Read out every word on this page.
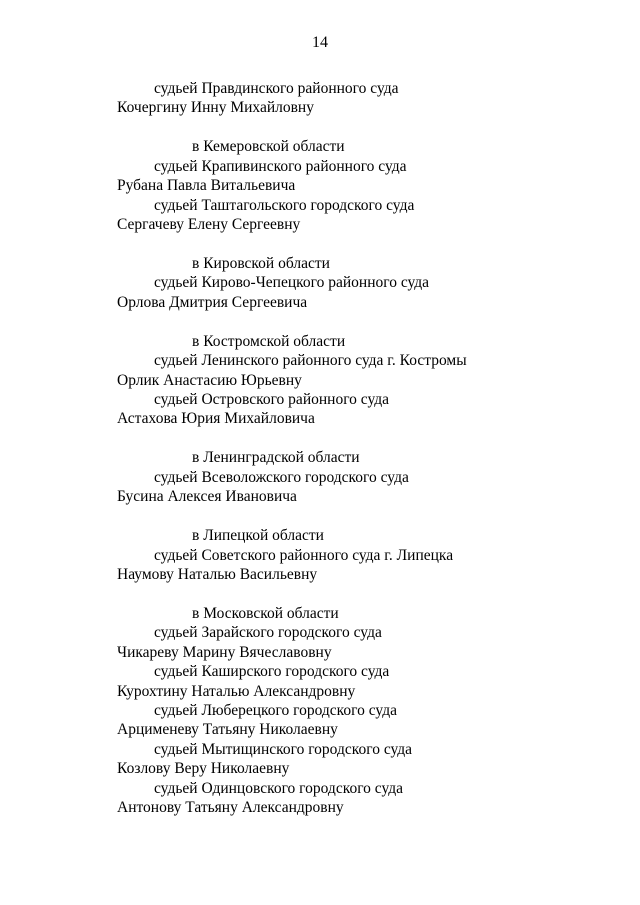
14
судьей Правдинского районного суда
Кочергину Инну Михайловну
в Кемеровской области
судьей Крапивинского районного суда
Рубана Павла Витальевича
судьей Таштагольского городского суда
Сергачеву Елену Сергеевну
в Кировской области
судьей Кирово-Чепецкого районного суда
Орлова Дмитрия Сергеевича
в Костромской области
судьей Ленинского районного суда г. Костромы
Орлик Анастасию Юрьевну
судьей Островского районного суда
Астахова Юрия Михайловича
в Ленинградской области
судьей Всеволожского городского суда
Бусина Алексея Ивановича
в Липецкой области
судьей Советского районного суда г. Липецка
Наумову Наталью Васильевну
в Московской области
судьей Зарайского городского суда
Чикареву Марину Вячеславовну
судьей Каширского городского суда
Курохтину Наталью Александровну
судьей Люберецкого городского суда
Арцименеву Татьяну Николаевну
судьей Мытищинского городского суда
Козлову Веру Николаевну
судьей Одинцовского городского суда
Антонову Татьяну Александровну
